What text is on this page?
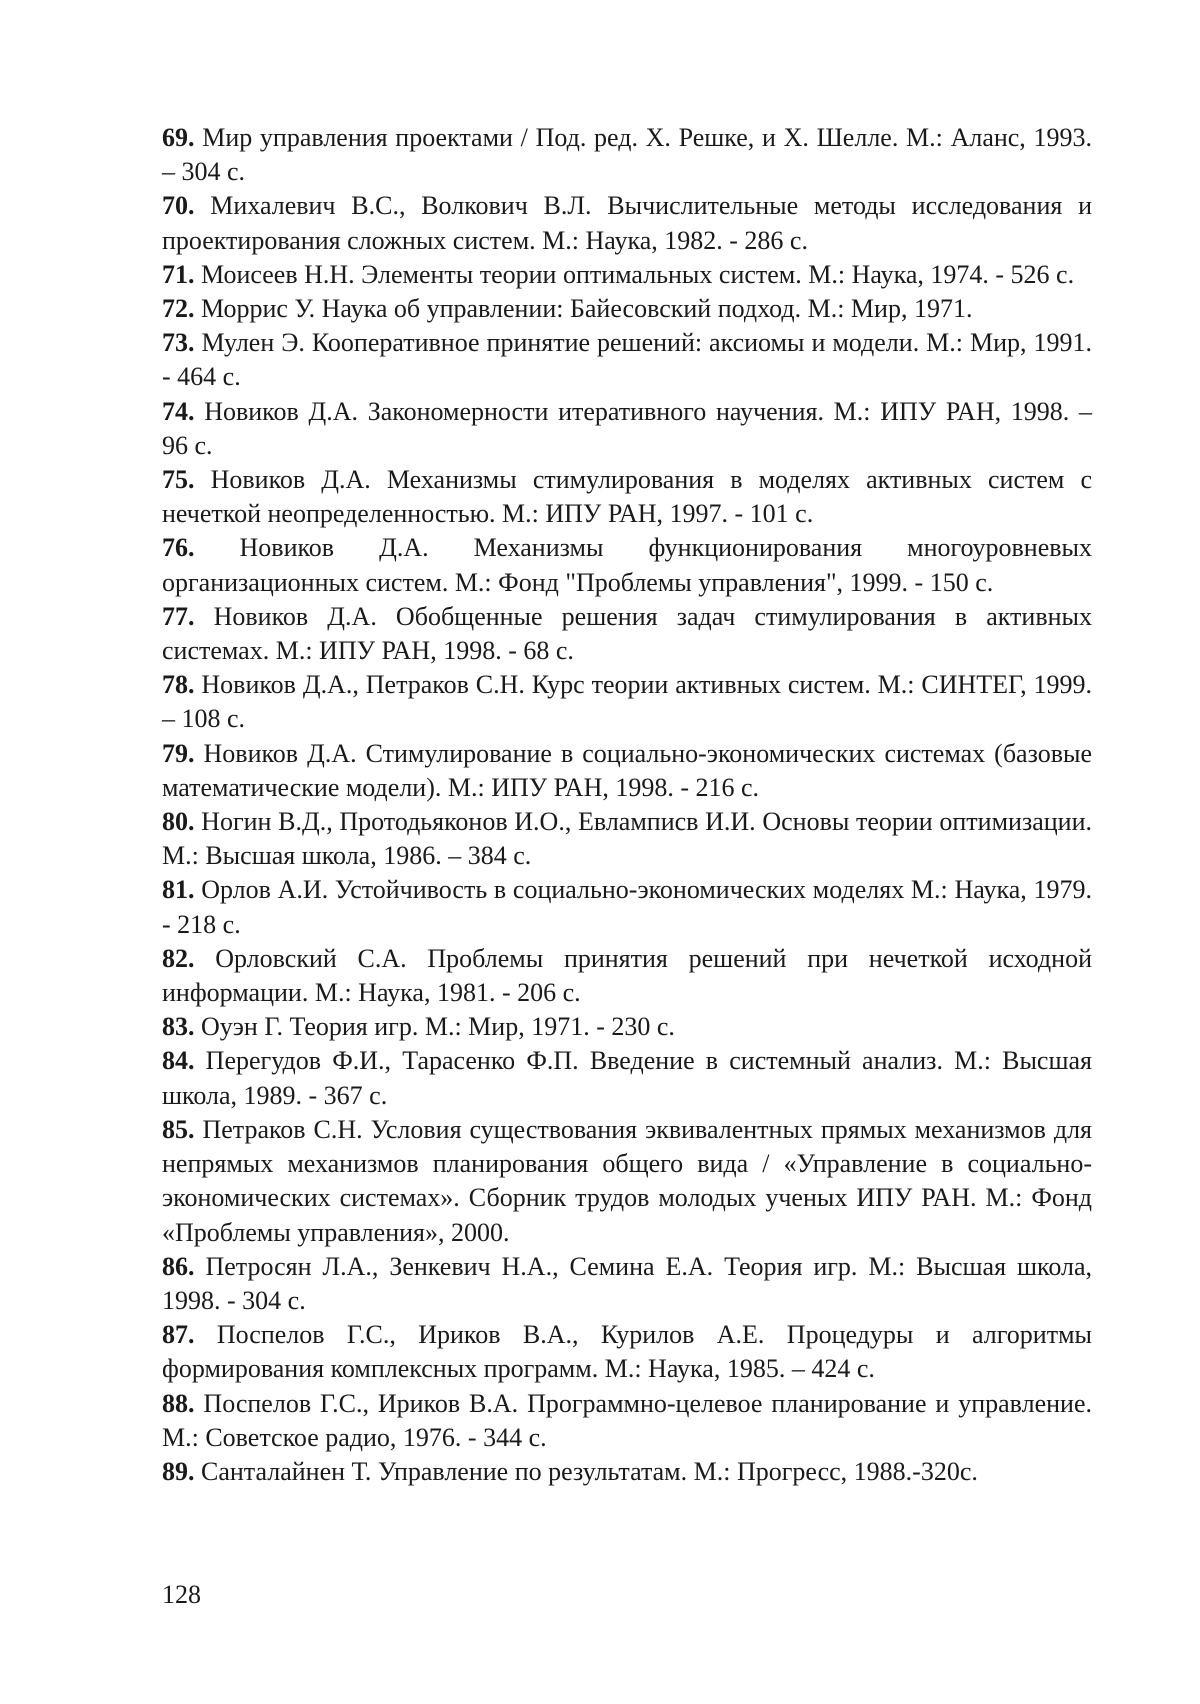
69. Мир управления проектами / Под. ред. Х. Решке, и Х. Шелле. М.: Аланс, 1993. – 304 с.
70. Михалевич В.С., Волкович В.Л. Вычислительные методы исследования и проектирования сложных систем. М.: Наука, 1982. - 286 с.
71. Моисеев Н.Н. Элементы теории оптимальных систем. М.: Наука, 1974. - 526 с.
72. Моррис У. Наука об управлении: Байесовский подход. М.: Мир, 1971.
73. Мулен Э. Кооперативное принятие решений: аксиомы и модели. М.: Мир, 1991. - 464 с.
74. Новиков Д.А. Закономерности итеративного научения. М.: ИПУ РАН, 1998. – 96 с.
75. Новиков Д.А. Механизмы стимулирования в моделях активных систем с нечеткой неопределенностью. М.: ИПУ РАН, 1997. - 101 с.
76. Новиков Д.А. Механизмы функционирования многоуровневых организационных систем. М.: Фонд "Проблемы управления", 1999. - 150 с.
77. Новиков Д.А. Обобщенные решения задач стимулирования в активных системах. М.: ИПУ РАН, 1998. - 68 с.
78. Новиков Д.А., Петраков С.Н. Курс теории активных систем. М.: СИНТЕГ, 1999. – 108 с.
79. Новиков Д.А. Стимулирование в социально-экономических системах (базовые математические модели). М.: ИПУ РАН, 1998. - 216 с.
80. Ногин В.Д., Протодьяконов И.О., Евламписв И.И. Основы теории оптимизации. М.: Высшая школа, 1986. – 384 с.
81. Орлов А.И. Устойчивость в социально-экономических моделях М.: Наука, 1979. - 218 с.
82. Орловский С.А. Проблемы принятия решений при нечеткой исходной информации. М.: Наука, 1981. - 206 с.
83. Оуэн Г. Теория игр. М.: Мир, 1971. - 230 с.
84. Перегудов Ф.И., Тарасенко Ф.П. Введение в системный анализ. М.: Высшая школа, 1989. - 367 с.
85. Петраков С.Н. Условия существования эквивалентных прямых механизмов для непрямых механизмов планирования общего вида / «Управление в социально-экономических системах». Сборник трудов молодых ученых ИПУ РАН. М.: Фонд «Проблемы управления», 2000.
86. Петросян Л.А., Зенкевич Н.А., Семина Е.А. Теория игр. М.: Высшая школа, 1998. - 304 с.
87. Поспелов Г.С., Ириков В.А., Курилов А.Е. Процедуры и алгоритмы формирования комплексных программ. М.: Наука, 1985. – 424 с.
88. Поспелов Г.С., Ириков В.А. Программно-целевое планирование и управление. М.: Советское радио, 1976. - 344 с.
89. Санталайнен Т. Управление по результатам. М.: Прогресс, 1988.-320с.
128
